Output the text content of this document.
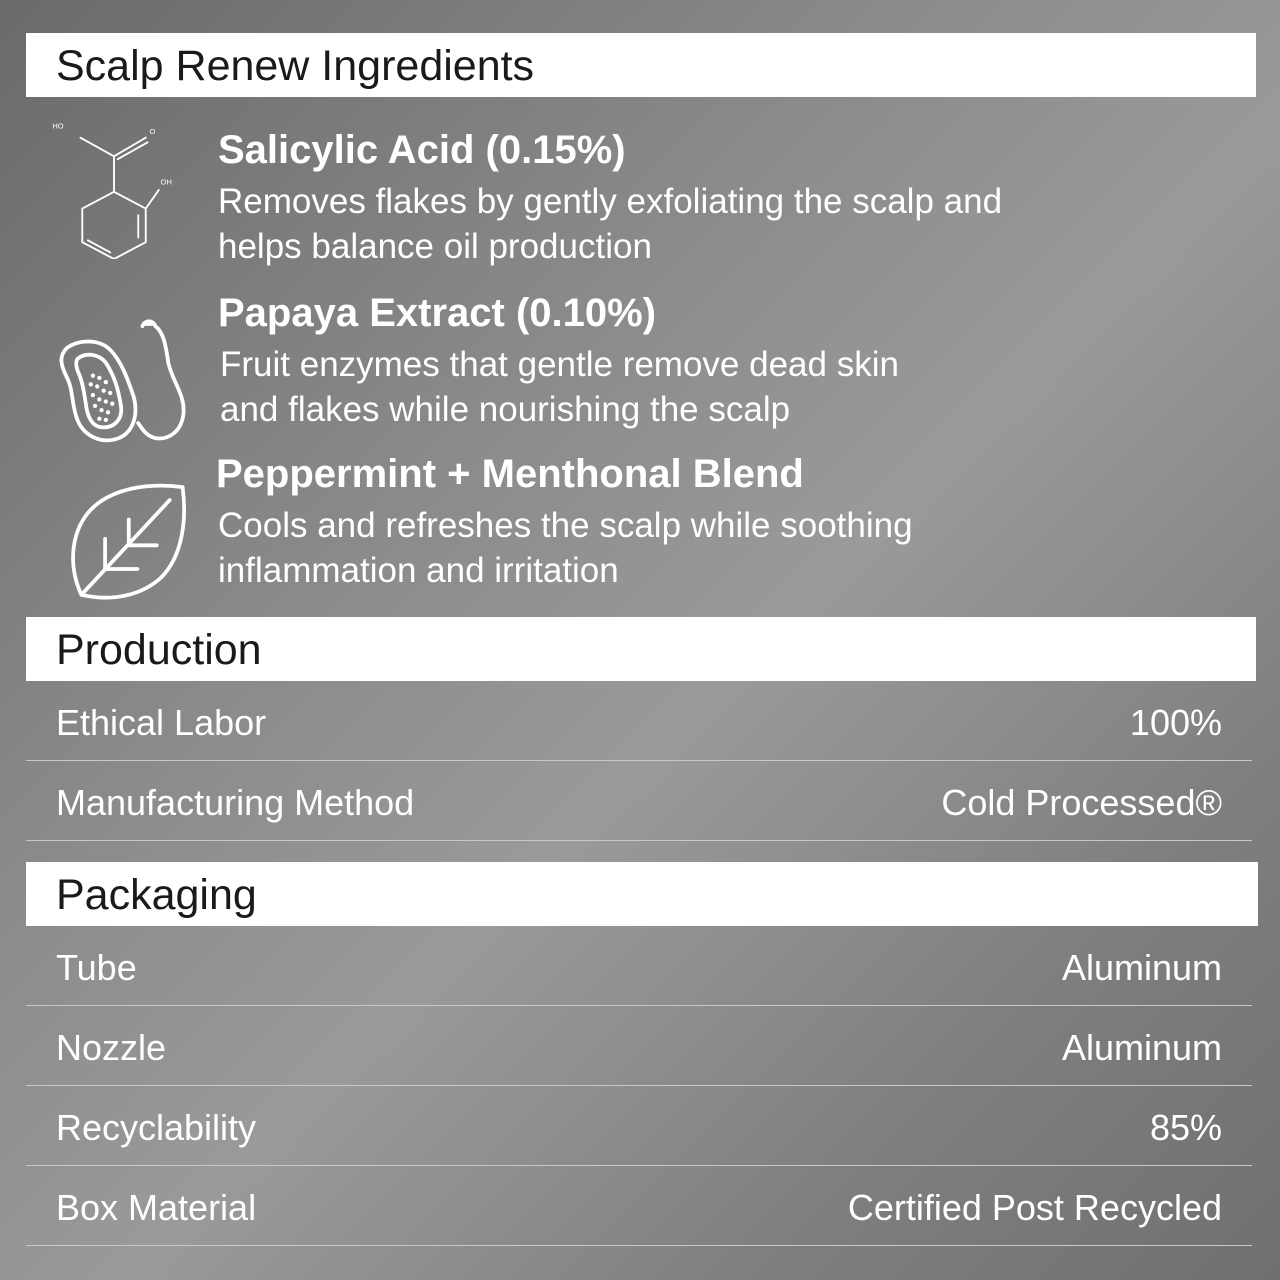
Scalp Renew Ingredients
HO
O
OH
Salicylic Acid (0.15%)
Removes flakes by gently exfoliating the scalp and
helps balance oil production
Papaya Extract (0.10%)
Fruit enzymes that gentle remove dead skin
and flakes while nourishing the scalp
Peppermint + Menthonal Blend
Cools and refreshes the scalp while soothing
inflammation and irritation
Production
Ethical Labor	100%
Manufacturing Method	Cold Processed®
Packaging
Tube	Aluminum
Nozzle	Aluminum
Recyclability	85%
Box Material	Certified Post Recycled
